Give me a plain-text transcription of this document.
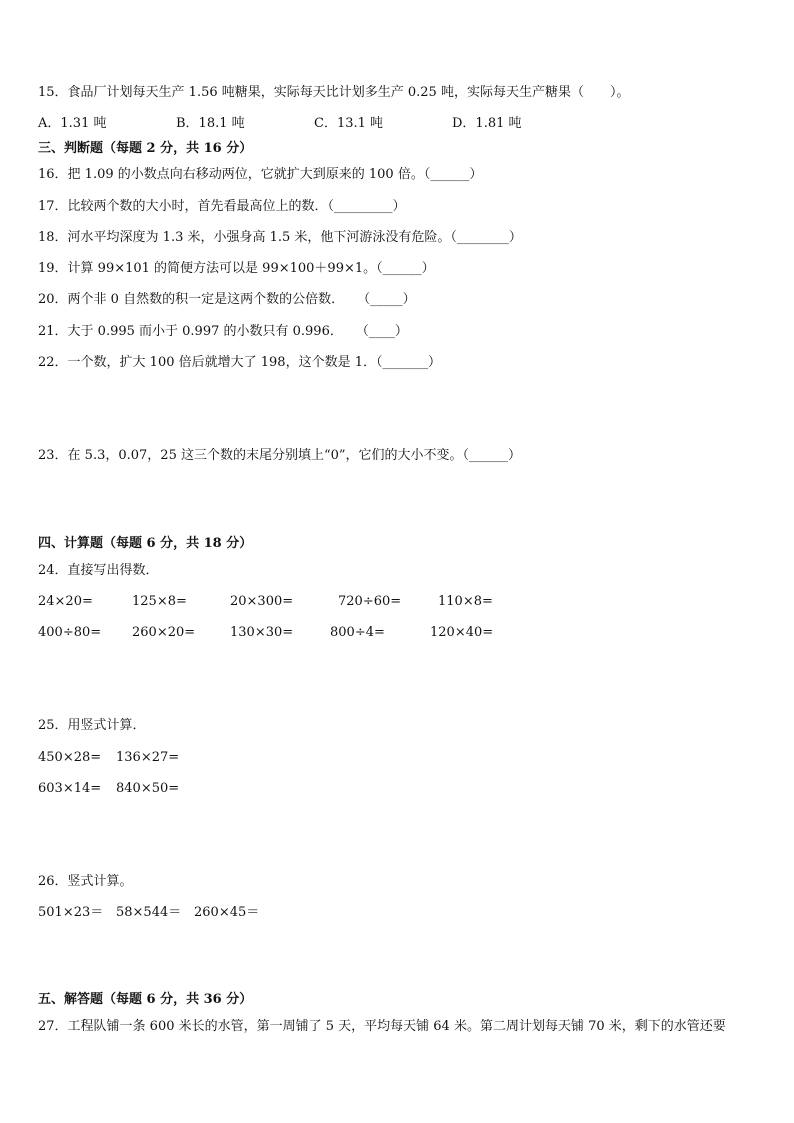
15．食品厂计划每天生产 1.56 吨糖果，实际每天比计划多生产 0.25 吨，实际每天生产糖果（　　）。
A．1.31 吨	B．18.1 吨	C．13.1 吨	D．1.81 吨
三、判断题（每题 2 分，共 16 分）
16．把 1.09 的小数点向右移动两位，它就扩大到原来的 100 倍。（______）
17．比较两个数的大小时，首先看最高位上的数．（_________）
18．河水平均深度为 1.3 米，小强身高 1.5 米，他下河游泳没有危险。（________）
19．计算 99×101 的简便方法可以是 99×100＋99×1。（______）
20．两个非 0 自然数的积一定是这两个数的公倍数．　　（_____）
21．大于 0.995 而小于 0.997 的小数只有 0.996．　　（____）
22．一个数，扩大 100 倍后就增大了 198，这个数是 1．（_______）
23．在 5.3，0.07，25 这三个数的末尾分别填上“0”，它们的大小不变。（______）
四、计算题（每题 6 分，共 18 分）
24．直接写出得数．
24×20=	125×8=	20×300=	720÷60=	110×8=
400÷80= 260×20=	130×30=	800÷4=	120×40=
25．用竖式计算．
450×28= 136×27=
603×14= 840×50=
26．竖式计算。
501×23＝ 58×544＝ 260×45＝
五、解答题（每题 6 分，共 36 分）
27．工程队铺一条 600 米长的水管，第一周铺了 5 天，平均每天铺 64 米。第二周计划每天铺 70 米，剩下的水管还要
